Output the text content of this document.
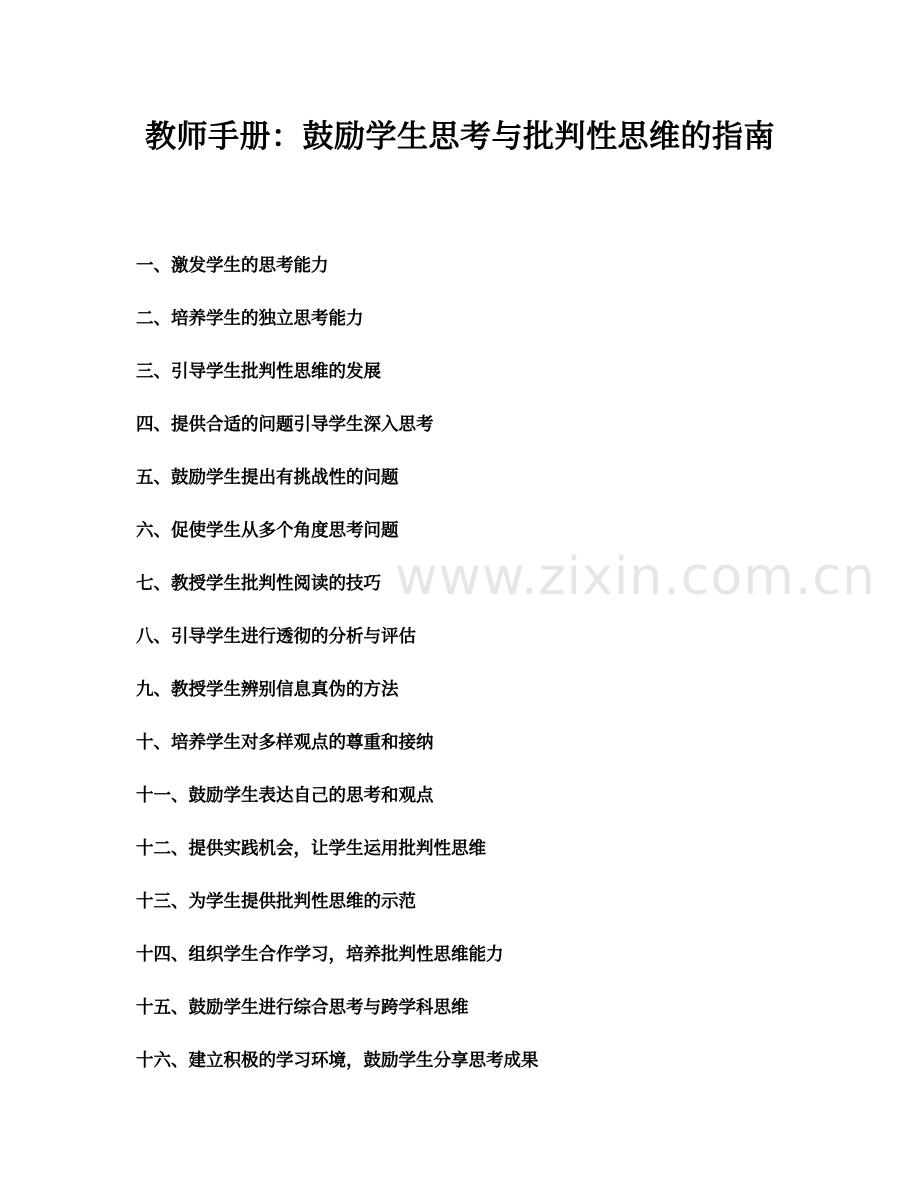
教师手册：鼓励学生思考与批判性思维的指南
一、激发学生的思考能力
二、培养学生的独立思考能力
三、引导学生批判性思维的发展
四、提供合适的问题引导学生深入思考
五、鼓励学生提出有挑战性的问题
六、促使学生从多个角度思考问题
七、教授学生批判性阅读的技巧
八、引导学生进行透彻的分析与评估
九、教授学生辨别信息真伪的方法
十、培养学生对多样观点的尊重和接纳
十一、鼓励学生表达自己的思考和观点
十二、提供实践机会，让学生运用批判性思维
十三、为学生提供批判性思维的示范
十四、组织学生合作学习，培养批判性思维能力
十五、鼓励学生进行综合思考与跨学科思维
十六、建立积极的学习环境，鼓励学生分享思考成果
www.zixin.com.cn
